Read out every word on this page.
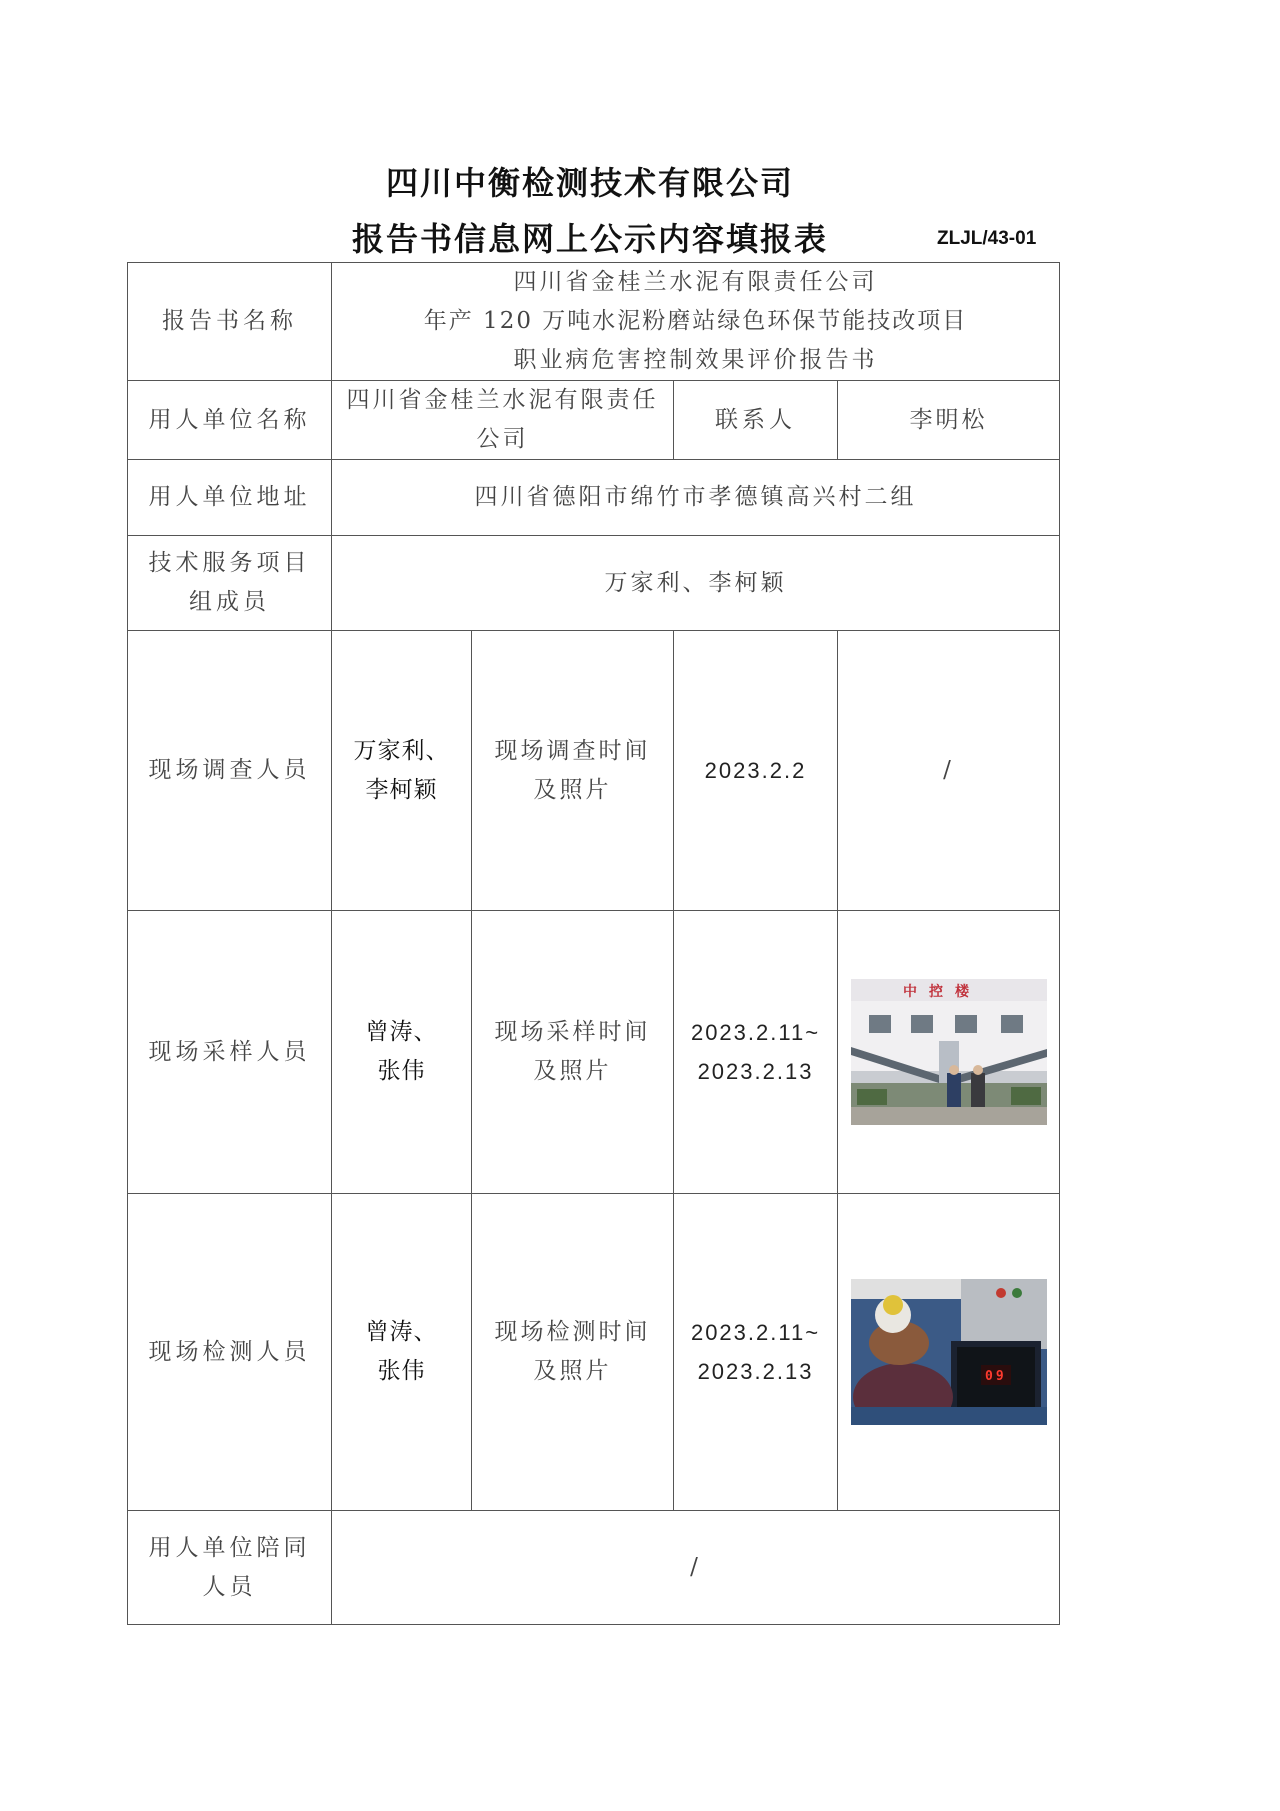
四川中衡检测技术有限公司
报告书信息网上公示内容填报表	ZLJL/43-01
报告书名称	四川省金桂兰水泥有限责任公司
年产 120 万吨水泥粉磨站绿色环保节能技改项目
职业病危害控制效果评价报告书			

用人单位名称	四川省金桂兰水泥有限责任公司		联系人	李明松
用人单位地址	四川省德阳市绵竹市孝德镇高兴村二组			
技术服务项目组成员	万家利、李柯颖			
现场调查人员	万家利、李柯颖	现场调查时间及照片	2023.2.2	/
现场采样人员	曾涛、张伟	现场采样时间及照片	2023.2.11~
2023.2.13	中控楼

现场检测人员	曾涛、张伟	现场检测时间及照片	2023.2.11~
2023.2.13	09

用人单位陪同人员	/			
